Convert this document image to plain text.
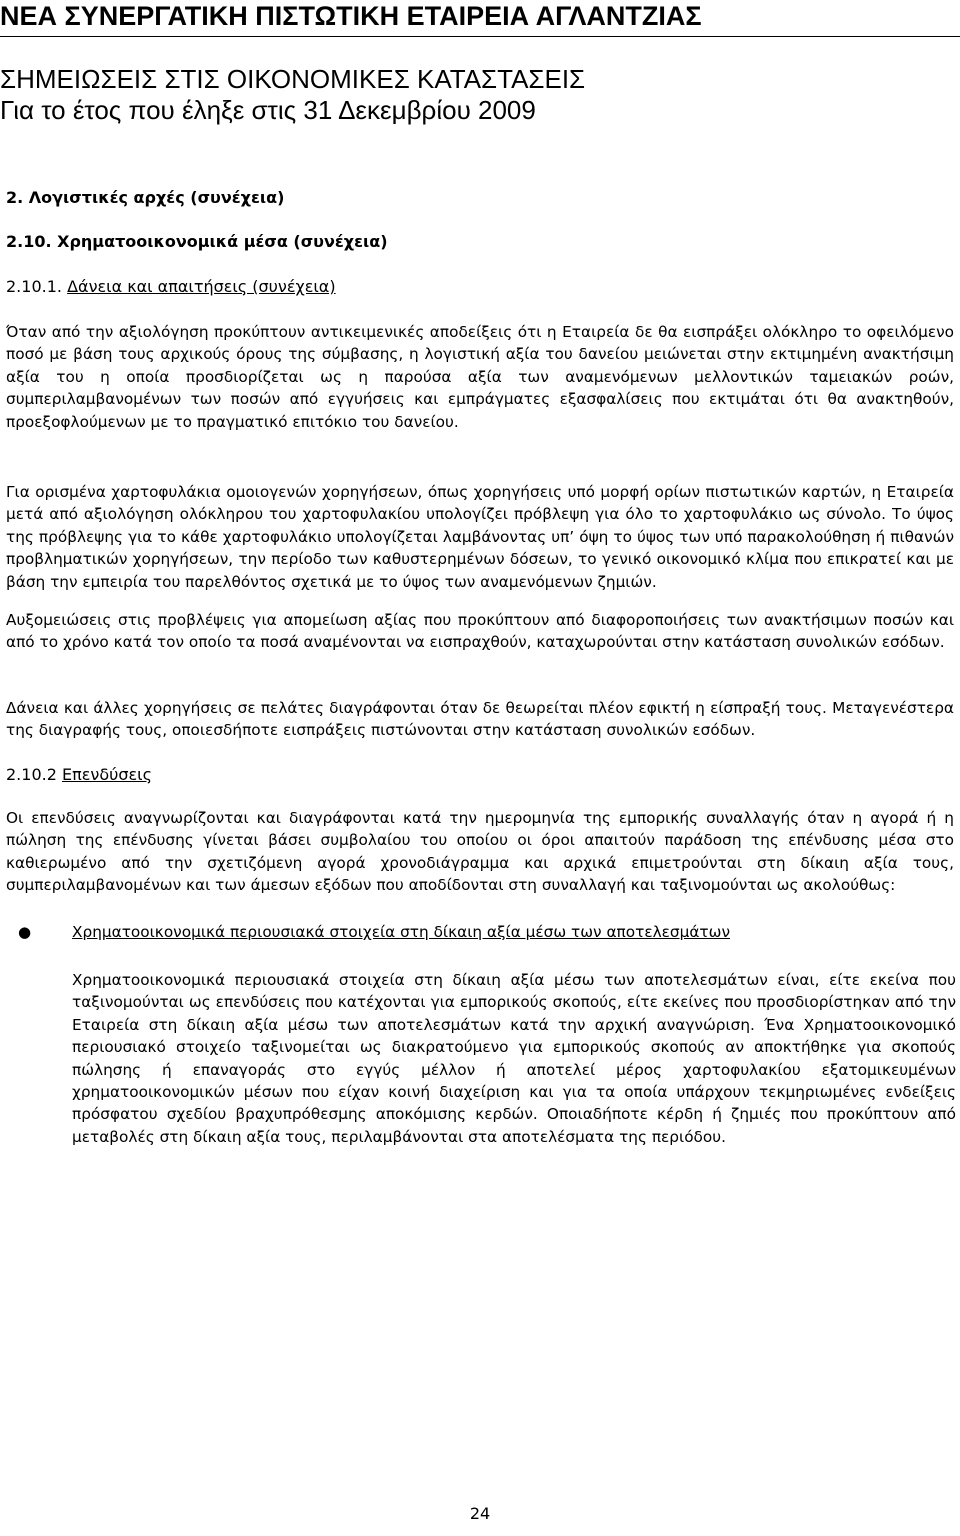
ΝΕΑ ΣΥΝΕΡΓΑΤΙΚΗ ΠΙΣΤΩΤΙΚΗ ΕΤΑΙΡΕΙΑ ΑΓΛΑΝΤΖΙΑΣ
ΣΗΜΕΙΩΣΕΙΣ ΣΤΙΣ ΟΙΚΟΝΟΜΙΚΕΣ ΚΑΤΑΣΤΑΣΕΙΣ
Για το έτος που έληξε στις 31 Δεκεμβρίου 2009
2. Λογιστικές αρχές (συνέχεια)
2.10. Χρηματοοικονομικά μέσα (συνέχεια)
2.10.1. Δάνεια και απαιτήσεις (συνέχεια)
Όταν από την αξιολόγηση προκύπτουν αντικειμενικές αποδείξεις ότι η Εταιρεία δε θα εισπράξει ολόκληρο το οφειλόμενο ποσό με βάση τους αρχικούς όρους της σύμβασης, η λογιστική αξία του δανείου μειώνεται στην εκτιμημένη ανακτήσιμη αξία του η οποία προσδιορίζεται ως η παρούσα αξία των αναμενόμενων μελλοντικών ταμειακών ροών, συμπεριλαμβανομένων των ποσών από εγγυήσεις και εμπράγματες εξασφαλίσεις που εκτιμάται ότι θα ανακτηθούν, προεξοφλούμενων με το πραγματικό επιτόκιο του δανείου.
Για ορισμένα χαρτοφυλάκια ομοιογενών χορηγήσεων, όπως χορηγήσεις υπό μορφή ορίων πιστωτικών καρτών, η Εταιρεία μετά από αξιολόγηση ολόκληρου του χαρτοφυλακίου υπολογίζει πρόβλεψη για όλο το χαρτοφυλάκιο ως σύνολο. Το ύψος της πρόβλεψης για το κάθε χαρτοφυλάκιο υπολογίζεται λαμβάνοντας υπ’ όψη το ύψος των υπό παρακολούθηση ή πιθανών προβληματικών χορηγήσεων, την περίοδο των καθυστερημένων δόσεων, το γενικό οικονομικό κλίμα που επικρατεί και με βάση την εμπειρία του παρελθόντος σχετικά με το ύψος των αναμενόμενων ζημιών.
Αυξομειώσεις στις προβλέψεις για απομείωση αξίας που προκύπτουν από διαφοροποιήσεις των ανακτήσιμων ποσών και από το χρόνο κατά τον οποίο τα ποσά αναμένονται να εισπραχθούν, καταχωρούνται στην κατάσταση συνολικών εσόδων.
Δάνεια και άλλες χορηγήσεις σε πελάτες διαγράφονται όταν δε θεωρείται πλέον εφικτή η είσπραξή τους. Μεταγενέστερα της διαγραφής τους, οποιεσδήποτε εισπράξεις πιστώνονται στην κατάσταση συνολικών εσόδων.
2.10.2 Επενδύσεις
Οι επενδύσεις αναγνωρίζονται και διαγράφονται κατά την ημερομηνία της εμπορικής συναλλαγής όταν η αγορά ή η πώληση της επένδυσης γίνεται βάσει συμβολαίου του οποίου οι όροι απαιτούν παράδοση της επένδυσης μέσα στο καθιερωμένο από την σχετιζόμενη αγορά χρονοδιάγραμμα και αρχικά επιμετρούνται στη δίκαιη αξία τους, συμπεριλαμβανομένων και των άμεσων εξόδων που αποδίδονται στη συναλλαγή και ταξινομούνται ως ακολούθως:
●	Χρηματοοικονομικά περιουσιακά στοιχεία στη δίκαιη αξία μέσω των αποτελεσμάτων
Χρηματοοικονομικά περιουσιακά στοιχεία στη δίκαιη αξία μέσω των αποτελεσμάτων είναι, είτε εκείνα που ταξινομούνται ως επενδύσεις που κατέχονται για εμπορικούς σκοπούς, είτε εκείνες που προσδιορίστηκαν από την Εταιρεία στη δίκαιη αξία μέσω των αποτελεσμάτων κατά την αρχική αναγνώριση. Ένα Χρηματοοικονομικό περιουσιακό στοιχείο ταξινομείται ως διακρατούμενο για εμπορικούς σκοπούς αν αποκτήθηκε για σκοπούς πώλησης ή επαναγοράς στο εγγύς μέλλον ή αποτελεί μέρος χαρτοφυλακίου εξατομικευμένων χρηματοοικονομικών μέσων που είχαν κοινή διαχείριση και για τα οποία υπάρχουν τεκμηριωμένες ενδείξεις πρόσφατου σχεδίου βραχυπρόθεσμης αποκόμισης κερδών. Οποιαδήποτε κέρδη ή ζημιές που προκύπτουν από μεταβολές στη δίκαιη αξία τους, περιλαμβάνονται στα αποτελέσματα της περιόδου.
24
